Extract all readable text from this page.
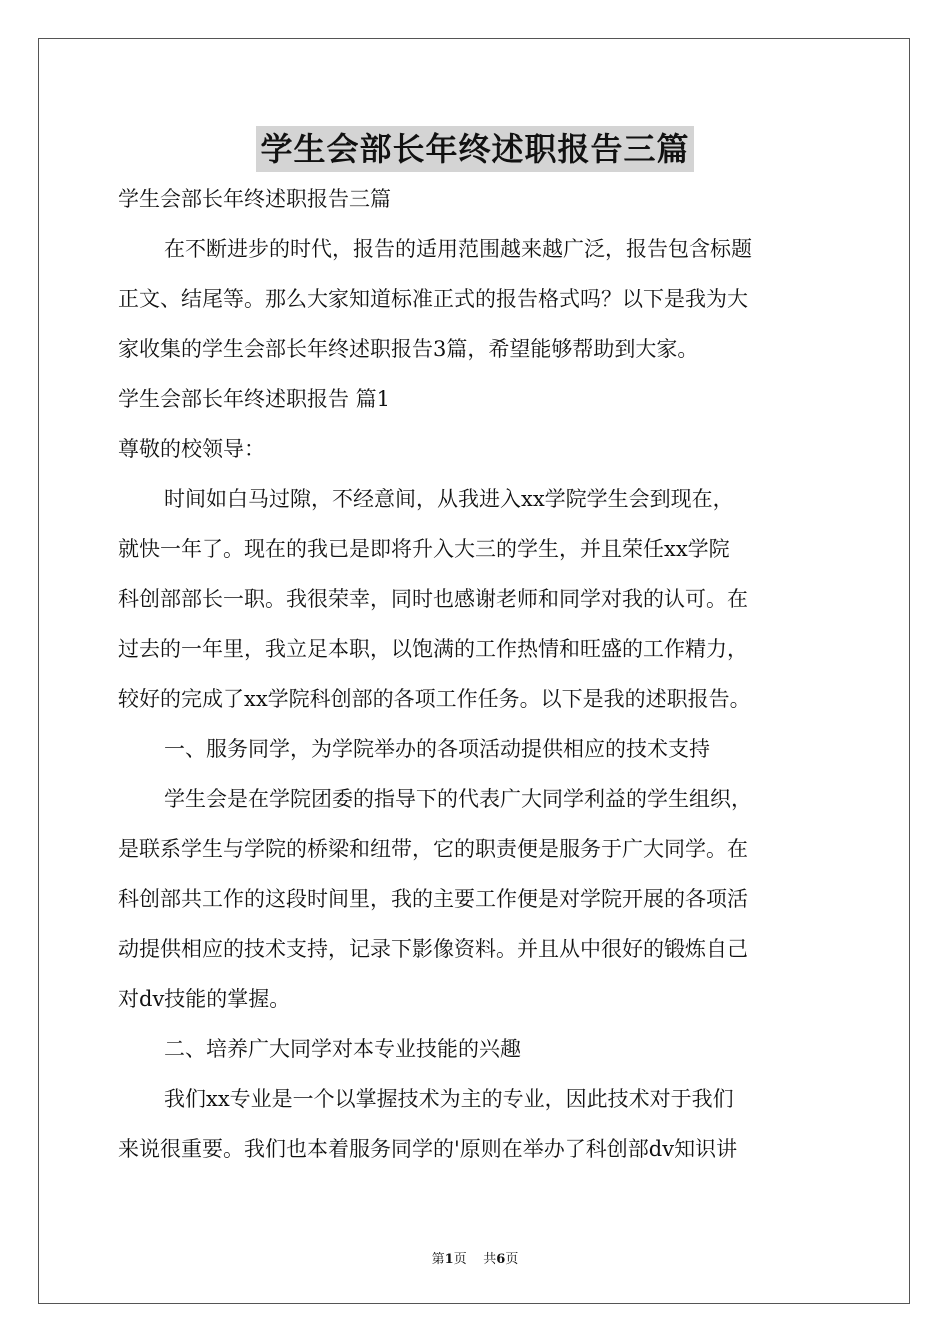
学生会部长年终述职报告三篇
学生会部长年终述职报告三篇
在不断进步的时代，报告的适用范围越来越广泛，报告包含标题
正文、结尾等。那么大家知道标准正式的报告格式吗？以下是我为大
家收集的学生会部长年终述职报告3篇，希望能够帮助到大家。
学生会部长年终述职报告 篇1
尊敬的校领导：
时间如白马过隙，不经意间，从我进入xx学院学生会到现在，
就快一年了。现在的我已是即将升入大三的学生，并且荣任xx学院
科创部部长一职。我很荣幸，同时也感谢老师和同学对我的认可。在
过去的一年里，我立足本职，以饱满的工作热情和旺盛的工作精力，
较好的完成了xx学院科创部的各项工作任务。以下是我的述职报告。
一、服务同学，为学院举办的各项活动提供相应的技术支持
学生会是在学院团委的指导下的代表广大同学利益的学生组织，
是联系学生与学院的桥梁和纽带，它的职责便是服务于广大同学。在
科创部共工作的这段时间里，我的主要工作便是对学院开展的各项活
动提供相应的技术支持，记录下影像资料。并且从中很好的锻炼自己
对dv技能的掌握。
二、培养广大同学对本专业技能的兴趣
我们xx专业是一个以掌握技术为主的专业，因此技术对于我们
来说很重要。我们也本着服务同学的'原则在举办了科创部dv知识讲
第1页 共6页
